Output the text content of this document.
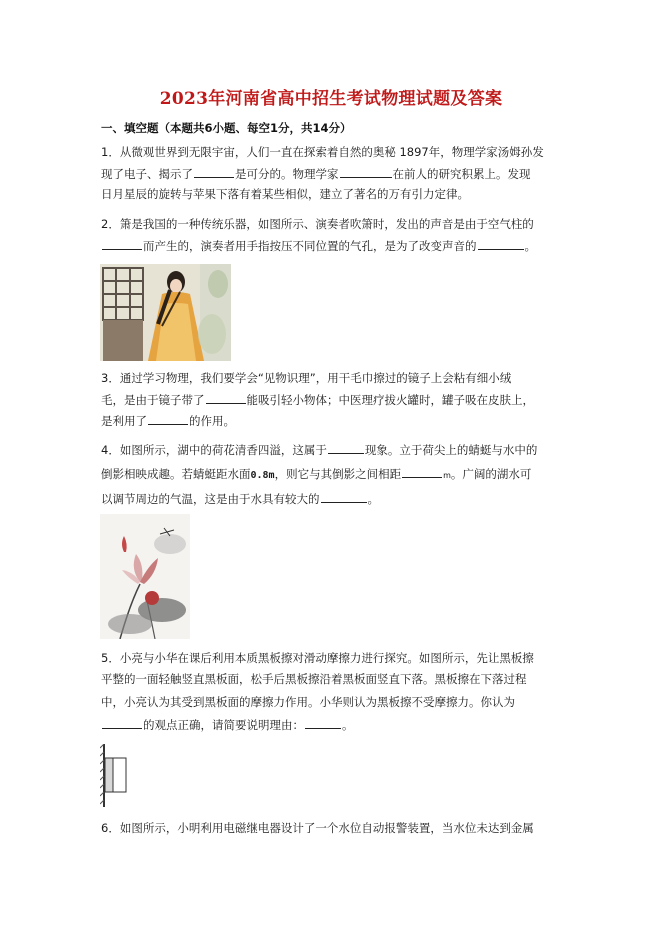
2023年河南省高中招生考试物理试题及答案
一、填空题（本题共6小题、每空1分，共14分）
1．从微观世界到无限宇宙，人们一直在探索着自然的奥秘 1897年，物理学家汤姆孙发
现了电子、揭示了	是可分的。物理学家	在前人的研究积累上。发现
日月星辰的旋转与苹果下落有着某些相似，建立了著名的万有引力定律。
2．箫是我国的一种传统乐器，如图所示、演奏者吹箫时，发出的声音是由于空气柱的
而产生的，演奏者用手指按压不同位置的气孔，是为了改变声音的	。
3．通过学习物理，我们要学会“见物识理”，用干毛巾擦过的镜子上会粘有细小绒
毛，是由于镜子带了	能吸引轻小物体；中医理疗拔火罐时，罐子吸在皮肤上，
是利用了	的作用。
4．如图所示，湖中的荷花清香四溢，这属于	现象。立于荷尖上的蜻蜓与水中的
倒影相映成趣。若蜻蜓距水面0.8m，则它与其倒影之间相距	m。广阔的湖水可
以调节周边的气温，这是由于水具有较大的	。
5．小亮与小华在课后利用本质黑板擦对滑动摩擦力进行探究。如图所示，先让黑板擦
平整的一面轻触竖直黑板面，松手后黑板擦沿着黑板面竖直下落。黑板擦在下落过程
中，小亮认为其受到黑板面的摩擦力作用。小华则认为黑板擦不受摩擦力。你认为
的观点正确，请简要说明理由：	。
6．如图所示，小明利用电磁继电器设计了一个水位自动报警装置，当水位未达到金属
